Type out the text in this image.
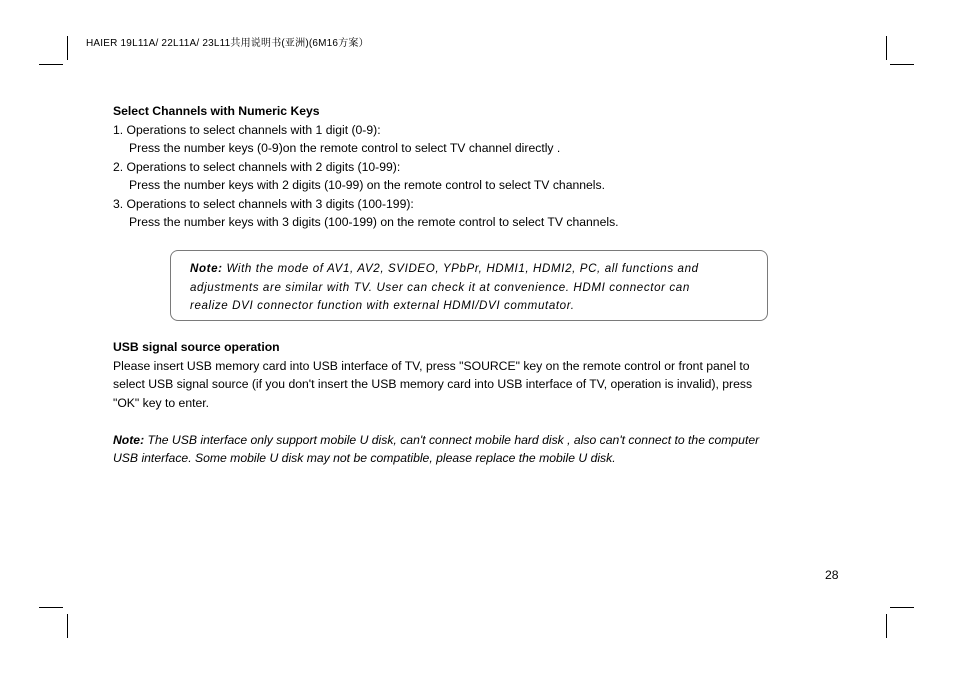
HAIER 19L11A/ 22L11A/ 23L11共用说明书(亚洲)(6M16方案）
Select Channels with Numeric Keys
1. Operations to select channels with 1 digit (0-9):
Press the number keys (0-9)on the remote control to select TV channel directly .
2. Operations to select channels with 2 digits (10-99):
Press the number keys with 2 digits (10-99) on the remote control to select TV channels.
3. Operations to select channels with 3 digits (100-199):
Press the number keys with 3 digits (100-199) on the remote control to select TV channels.
Note: With the mode of AV1, AV2, SVIDEO, YPbPr, HDMI1, HDMI2, PC, all functions and
adjustments are similar with TV. User can check it at convenience. HDMI connector can
realize DVI connector function with external HDMI/DVI commutator.
USB signal source operation
Please insert USB memory card into USB interface of TV, press "SOURCE" key on the remote control or front panel to
select USB signal source (if you don't insert the USB memory card into USB interface of TV, operation is invalid), press
"OK" key to enter.
Note: The USB interface only support mobile U disk, can't connect mobile hard disk , also can't connect to the computer
USB interface. Some mobile U disk may not be compatible, please replace the mobile U disk.
28
